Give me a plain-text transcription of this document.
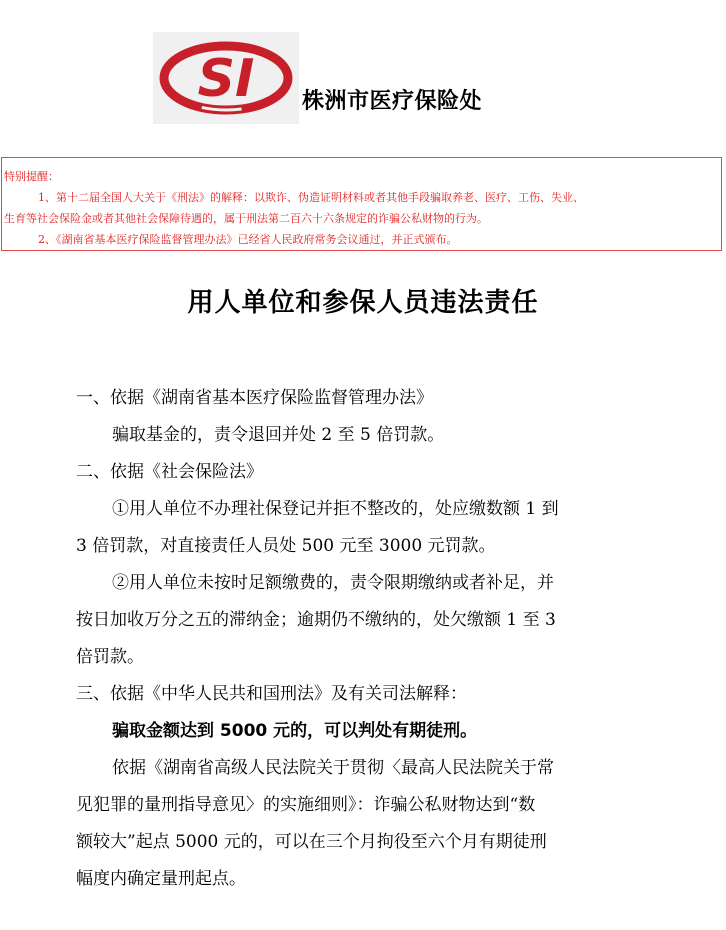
SI 株洲市医疗保险处

特别提醒：

1、第十二届全国人大关于《刑法》的解释：以欺诈、伪造证明材料或者其他手段骗取养老、医疗、工伤、失业、

生育等社会保险金或者其他社会保障待遇的，属于刑法第二百六十六条规定的诈骗公私财物的行为。

2、《湖南省基本医疗保险监督管理办法》已经省人民政府常务会议通过，并正式颁布。

用人单位和参保人员违法责任

一、依据《湖南省基本医疗保险监督管理办法》

骗取基金的，责令退回并处 2 至 5 倍罚款。

二、依据《社会保险法》

①用人单位不办理社保登记并拒不整改的，处应缴数额 1 到

3 倍罚款，对直接责任人员处 500 元至 3000 元罚款。

②用人单位未按时足额缴费的，责令限期缴纳或者补足，并

按日加收万分之五的滞纳金；逾期仍不缴纳的，处欠缴额 1 至 3

倍罚款。

三、依据《中华人民共和国刑法》及有关司法解释：

骗取金额达到 5000 元的，可以判处有期徒刑。

依据《湖南省高级人民法院关于贯彻〈最高人民法院关于常

见犯罪的量刑指导意见〉的实施细则》：诈骗公私财物达到“数

额较大”起点 5000 元的，可以在三个月拘役至六个月有期徒刑

幅度内确定量刑起点。
